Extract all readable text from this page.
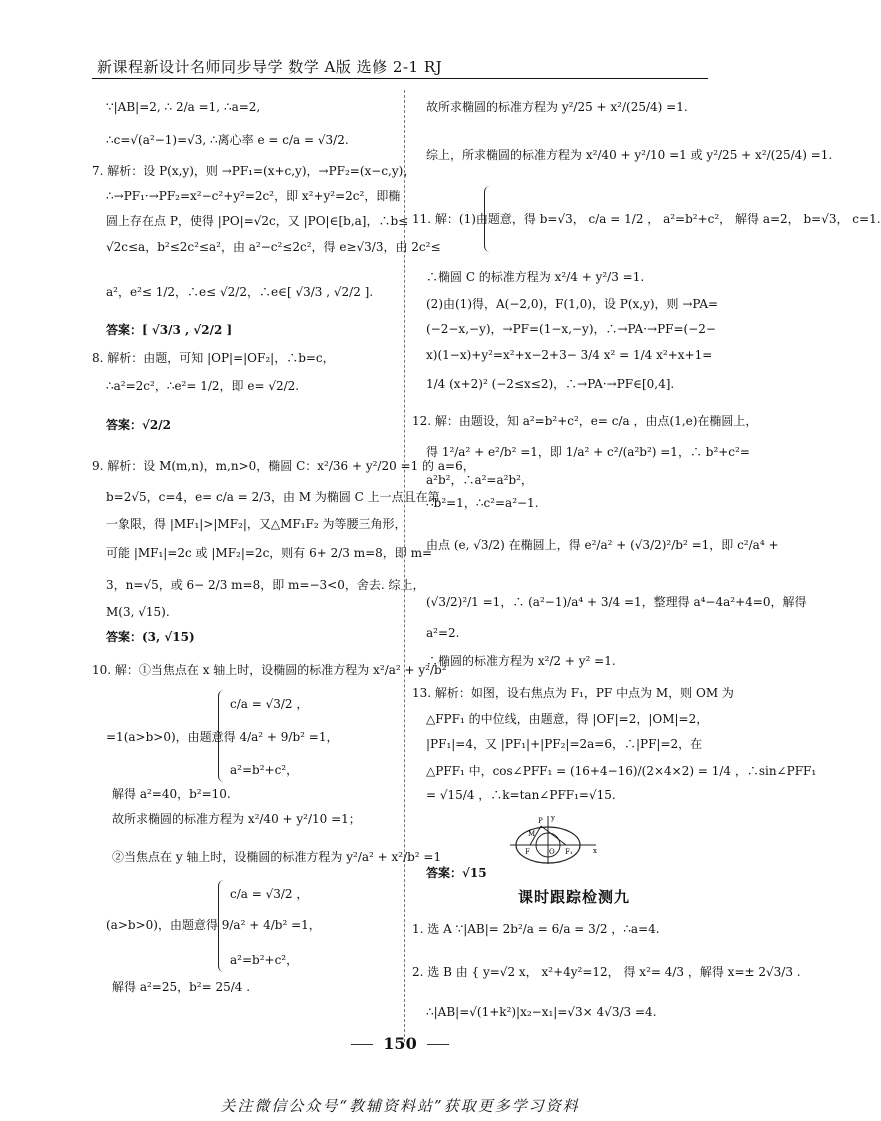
新课程新设计名师同步导学 数学 A版 选修 2-1 RJ
∵|AB|=2, ∴ 2/a =1, ∴a=2,
∴c=√(a²−1)=√3, ∴离心率 e = c/a = √3/2.
7. 解析：设 P(x,y)，则 →PF₁=(x+c,y)，→PF₂=(x−c,y)，
∴→PF₁·→PF₂=x²−c²+y²=2c²，即 x²+y²=2c²，即椭
圆上存在点 P，使得 |PO|=√2c，又 |PO|∈[b,a]，∴b≤
√2c≤a，b²≤2c²≤a²，由 a²−c²≤2c²，得 e≥√3/3，由 2c²≤
a²，e²≤ 1/2，∴e≤ √2/2，∴e∈[ √3/3 , √2/2 ].
答案：[ √3/3 , √2/2 ]
8. 解析：由题，可知 |OP|=|OF₂|，∴b=c，
∴a²=2c²，∴e²= 1/2，即 e= √2/2.
答案：√2/2
9. 解析：设 M(m,n)，m,n>0，椭圆 C：x²/36 + y²/20 =1 的 a=6，
b=2√5，c=4，e= c/a = 2/3，由 M 为椭圆 C 上一点且在第
一象限，得 |MF₁|>|MF₂|，又△MF₁F₂ 为等腰三角形，
可能 |MF₁|=2c 或 |MF₂|=2c，则有 6+ 2/3 m=8，即 m=
3，n=√5，或 6− 2/3 m=8，即 m=−3<0，舍去. 综上，
M(3, √15).
答案：(3, √15)
10. 解：①当焦点在 x 轴上时，设椭圆的标准方程为 x²/a² + y²/b²
c/a = √3/2 ，
=1(a>b>0)，由题意得 4/a² + 9/b² =1，
a²=b²+c²，
解得 a²=40，b²=10.
故所求椭圆的标准方程为 x²/40 + y²/10 =1；
②当焦点在 y 轴上时，设椭圆的标准方程为 y²/a² + x²/b² =1
c/a = √3/2 ，
(a>b>0)，由题意得 9/a² + 4/b² =1，
a²=b²+c²，
解得 a²=25，b²= 25/4 .
故所求椭圆的标准方程为 y²/25 + x²/(25/4) =1.
综上，所求椭圆的标准方程为 x²/40 + y²/10 =1 或 y²/25 + x²/(25/4) =1.
11. 解：(1)由题意，得 b=√3， c/a = 1/2 ， a²=b²+c²， 解得 a=2， b=√3， c=1.
∴椭圆 C 的标准方程为 x²/4 + y²/3 =1.
(2)由(1)得，A(−2,0)，F(1,0)，设 P(x,y)，则 →PA=
(−2−x,−y)，→PF=(1−x,−y)，∴→PA·→PF=(−2−
x)(1−x)+y²=x²+x−2+3− 3/4 x² = 1/4 x²+x+1=
1/4 (x+2)² (−2≤x≤2)，∴→PA·→PF∈[0,4].
12. 解：由题设，知 a²=b²+c²，e= c/a ，由点(1,e)在椭圆上，
得 1²/a² + e²/b² =1，即 1/a² + c²/(a²b²) =1，∴ b²+c²=
a²b²，∴a²=a²b²，
∴b²=1，∴c²=a²−1.
由点 (e, √3/2) 在椭圆上，得 e²/a² + (√3/2)²/b² =1，即 c²/a⁴ +
(√3/2)²/1 =1，∴ (a²−1)/a⁴ + 3/4 =1，整理得 a⁴−4a²+4=0，解得
a²=2.
∴椭圆的标准方程为 x²/2 + y² =1.
13. 解析：如图，设右焦点为 F₁，PF 中点为 M，则 OM 为
△FPF₁ 的中位线，由题意，得 |OF|=2，|OM|=2，
|PF₁|=4，又 |PF₁|+|PF₂|=2a=6，∴|PF|=2，在
△PFF₁ 中，cos∠PFF₁ = (16+4−16)/(2×4×2) = 1/4 ，∴sin∠PFF₁
= √15/4 ，∴k=tan∠PFF₁=√15.
P
M
F	O F₁	x
y
答案：√15
1. 选 A ∵|AB|= 2b²/a = 6/a = 3/2 ，∴a=4.
2. 选 B 由 { y=√2 x， x²+4y²=12， 得 x²= 4/3 ，解得 x=± 2√3/3 .
∴|AB|=√(1+k²)|x₂−x₁|=√3× 4√3/3 =4.
课时跟踪检测九
150
关注微信公众号“教辅资料站”获取更多学习资料
